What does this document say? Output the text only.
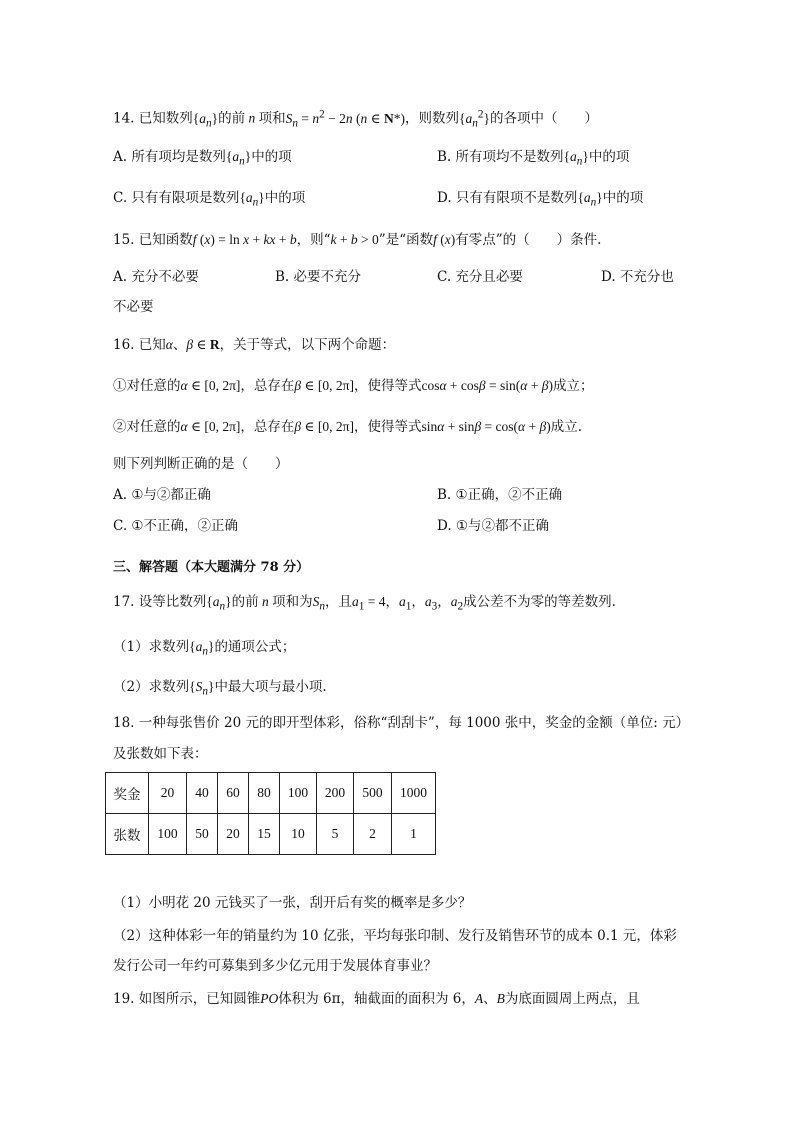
14. 已知数列$\{a_n\}$的前 n 项和$S_n = n^2 - 2n$ (n ∈ N*)，则数列$\{a_n^2\}$的各项中（　　）
A. 所有项均是数列$\{a_n\}$中的项	B. 所有项均不是数列$\{a_n\}$中的项
C. 只有有限项是数列$\{a_n\}$中的项	D. 只有有限项不是数列$\{a_n\}$中的项
15. 已知函数f (x) = ln x + kx + b，则“k + b > 0”是“函数f (x)有零点”的（　　）条件.
A. 充分不必要	B. 必要不充分	C. 充分且必要	D. 不充分也
不必要
16. 已知α、β ∈ R，关于等式，以下两个命题：
①对任意的α ∈ [0, 2π]，总存在β ∈ [0, 2π]，使得等式cosα + cosβ = sin(α + β)成立；
②对任意的α ∈ [0, 2π]，总存在β ∈ [0, 2π]，使得等式sinα + sinβ = cos(α + β)成立.
则下列判断正确的是（　　）
A. ①与②都正确	B. ①正确，②不正确
C. ①不正确，②正确	D. ①与②都不正确
三、解答题（本大题满分 78 分）
17. 设等比数列$\{a_n\}$的前 n 项和为$S_n$，且$a_1 = 4$，$a_1$，$a_3$，$a_2$成公差不为零的等差数列.
（1）求数列$\{a_n\}$的通项公式；
（2）求数列$\{S_n\}$中最大项与最小项.
18. 一种每张售价 20 元的即开型体彩，俗称“刮刮卡”，每 1000 张中，奖金的金额（单位: 元）
及张数如下表：
奖金	20	40	60	80	100	200	500	1000
张数	100	50	20	15	10	5	2	1
（1）小明花 20 元钱买了一张，刮开后有奖的概率是多少？
（2）这种体彩一年的销量约为 10 亿张，平均每张印制、发行及销售环节的成本 0.1 元，体彩
发行公司一年约可募集到多少亿元用于发展体育事业？
19. 如图所示，已知圆锥PO体积为 6π，轴截面的面积为 6，A、B为底面圆周上两点，且
